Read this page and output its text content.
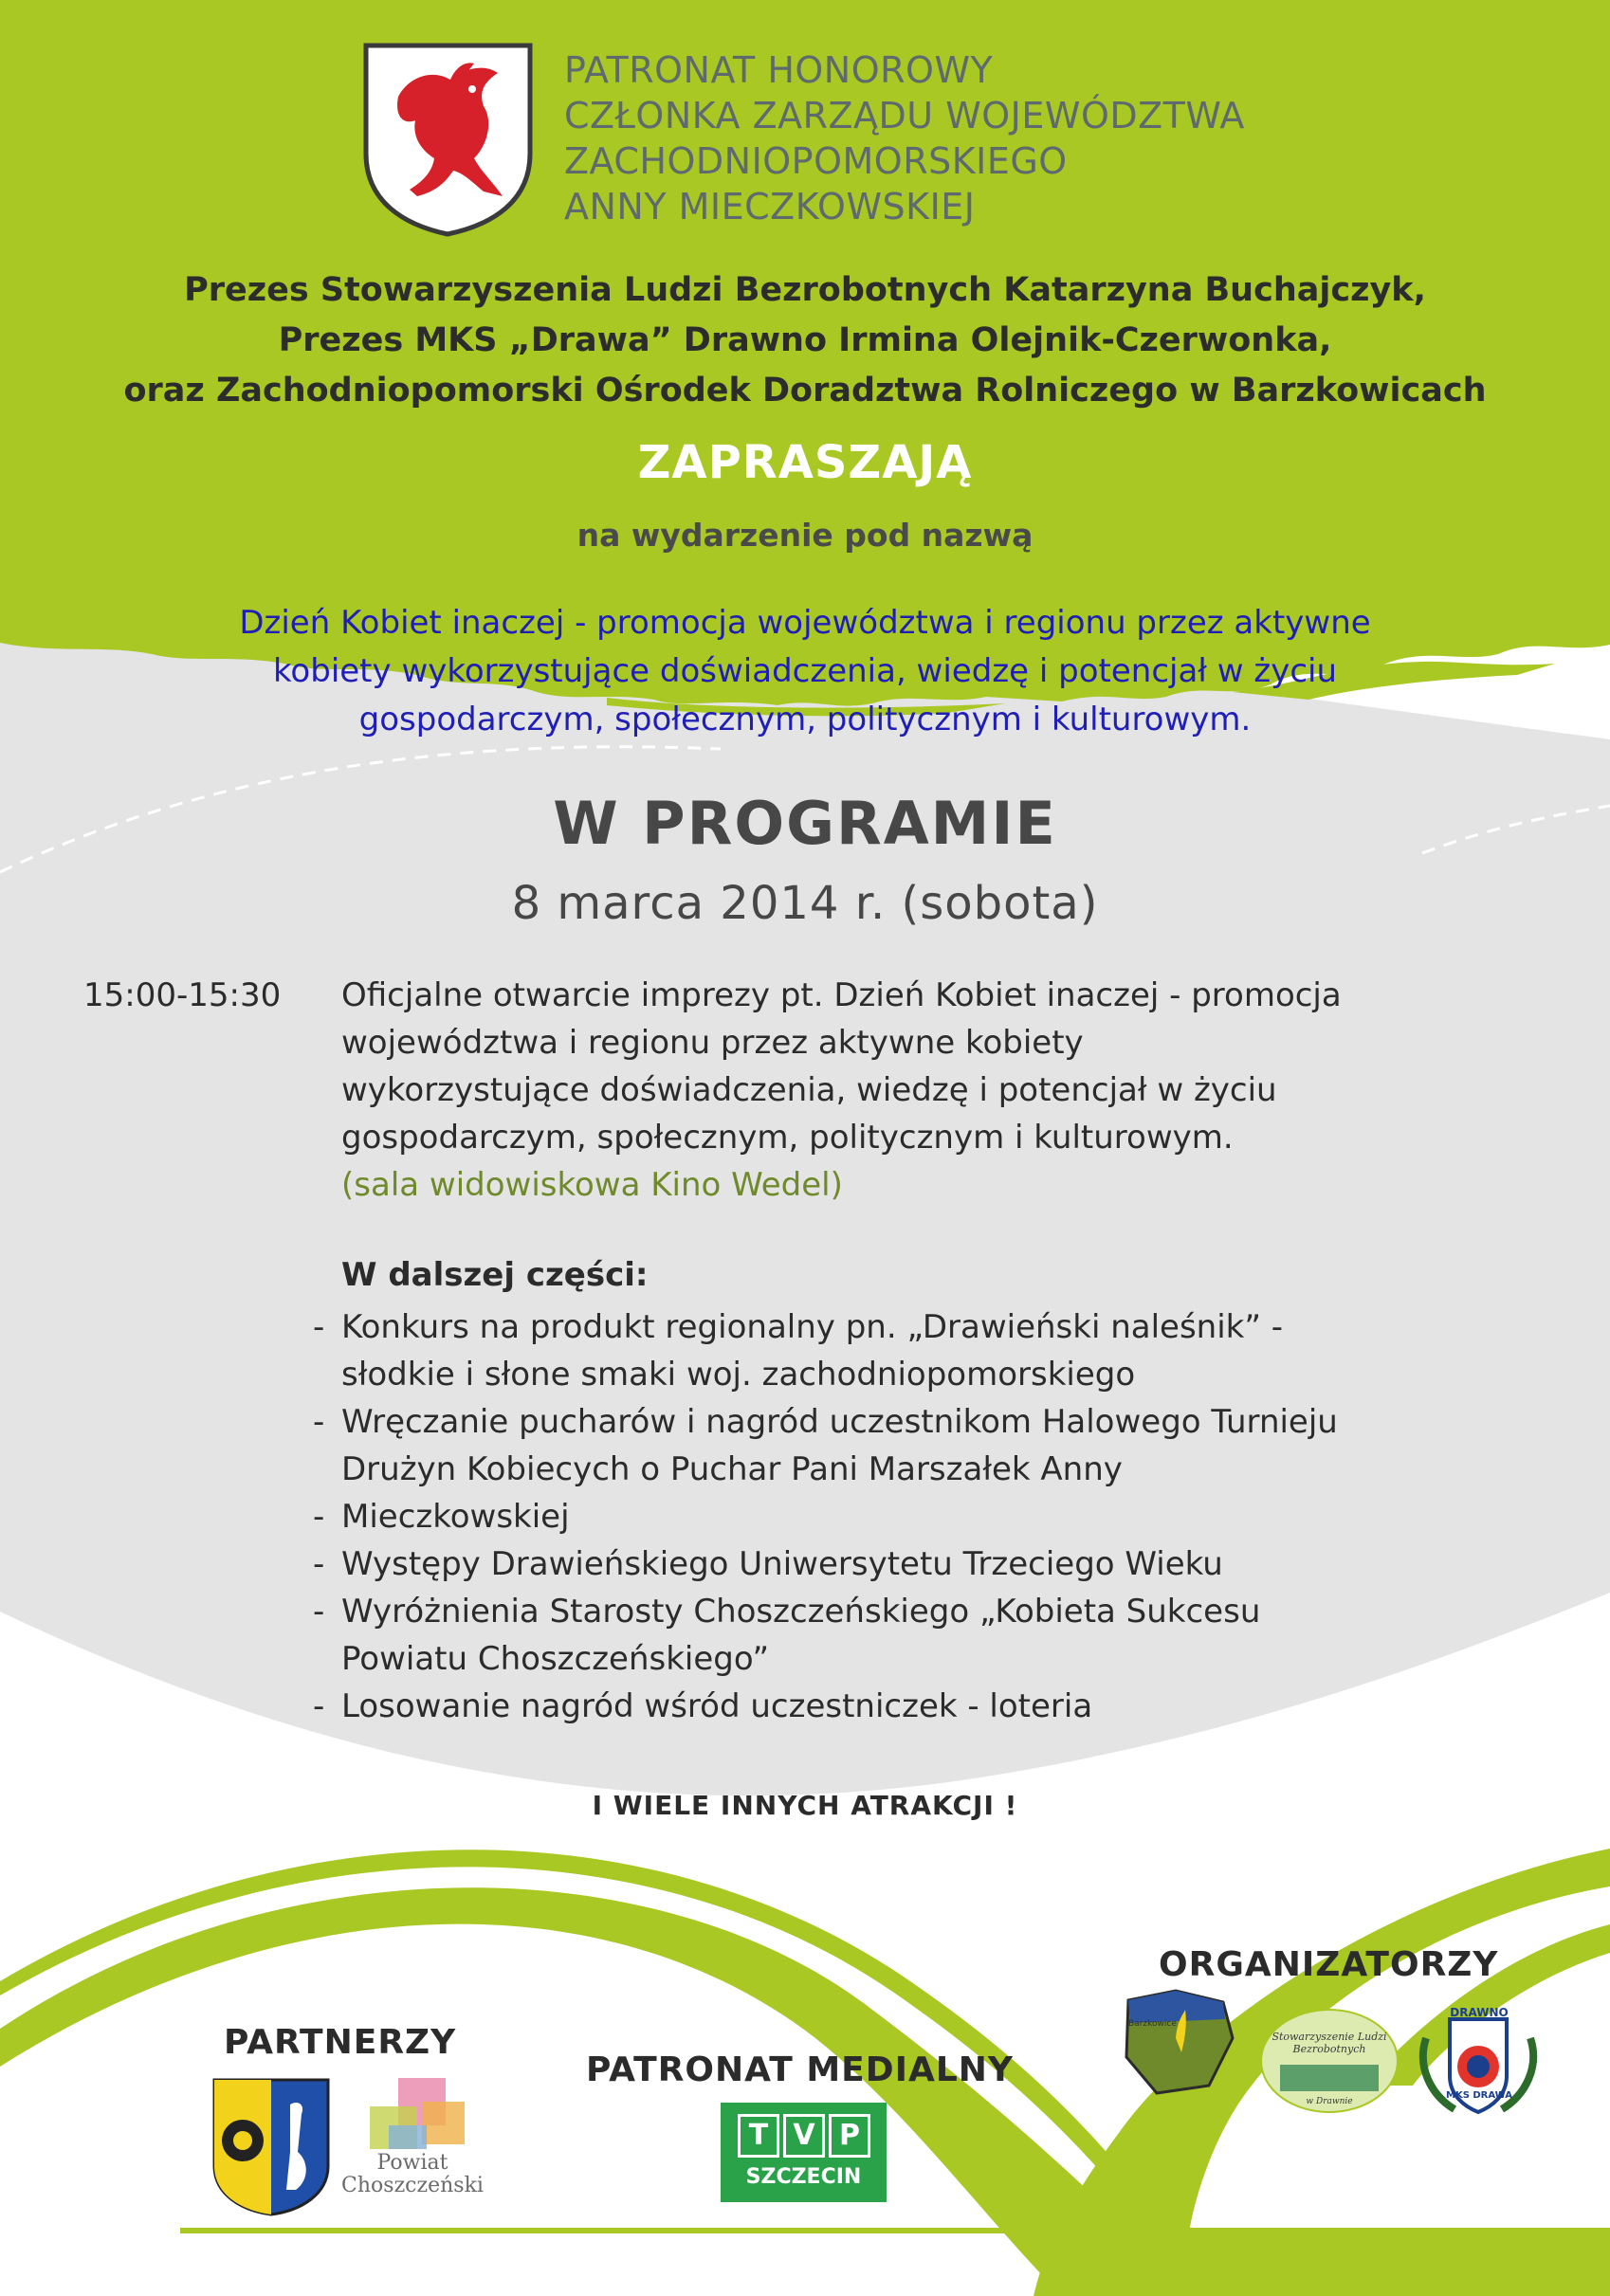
PATRONAT HONOROWY
CZŁONKA ZARZĄDU WOJEWÓDZTWA
ZACHODNIOPOMORSKIEGO
ANNY MIECZKOWSKIEJ
Prezes Stowarzyszenia Ludzi Bezrobotnych Katarzyna Buchajczyk,
Prezes MKS „Drawa” Drawno Irmina Olejnik-Czerwonka,
oraz Zachodniopomorski Ośrodek Doradztwa Rolniczego w Barzkowicach
ZAPRASZAJĄ
na wydarzenie pod nazwą
Dzień Kobiet inaczej - promocja województwa i regionu przez aktywne
kobiety wykorzystujące doświadczenia, wiedzę i potencjał w życiu
gospodarczym, społecznym, politycznym i kulturowym.
W PROGRAMIE
8 marca 2014 r. (sobota)
15:00-15:30 Oficjalne otwarcie imprezy pt. Dzień Kobiet inaczej - promocja
województwa i regionu przez aktywne kobiety
wykorzystujące doświadczenia, wiedzę i potencjał w życiu
gospodarczym, społecznym, politycznym i kulturowym.
(sala widowiskowa Kino Wedel)
W dalszej części:
- Konkurs na produkt regionalny pn. „Drawieński naleśnik” -
słodkie i słone smaki woj. zachodniopomorskiego
- Wręczanie pucharów i nagród uczestnikom Halowego Turnieju
Drużyn Kobiecych o Puchar Pani Marszałek Anny
- Mieczkowskiej
- Występy Drawieńskiego Uniwersytetu Trzeciego Wieku
- Wyróżnienia Starosty Choszczeńskiego „Kobieta Sukcesu
Powiatu Choszczeńskiego”
- Losowanie nagród wśród uczestniczek - loteria
I WIELE INNYCH ATRAKCJI !
PARTNERZY
PATRONAT MEDIALNY
ORGANIZATORZY
Powiat
Choszczeński
T V P
SZCZECIN
Barzkowice
Stowarzyszenie Ludzi Bezrobotnych
w Drawnie
DRAWNO
MKS DRAWA
